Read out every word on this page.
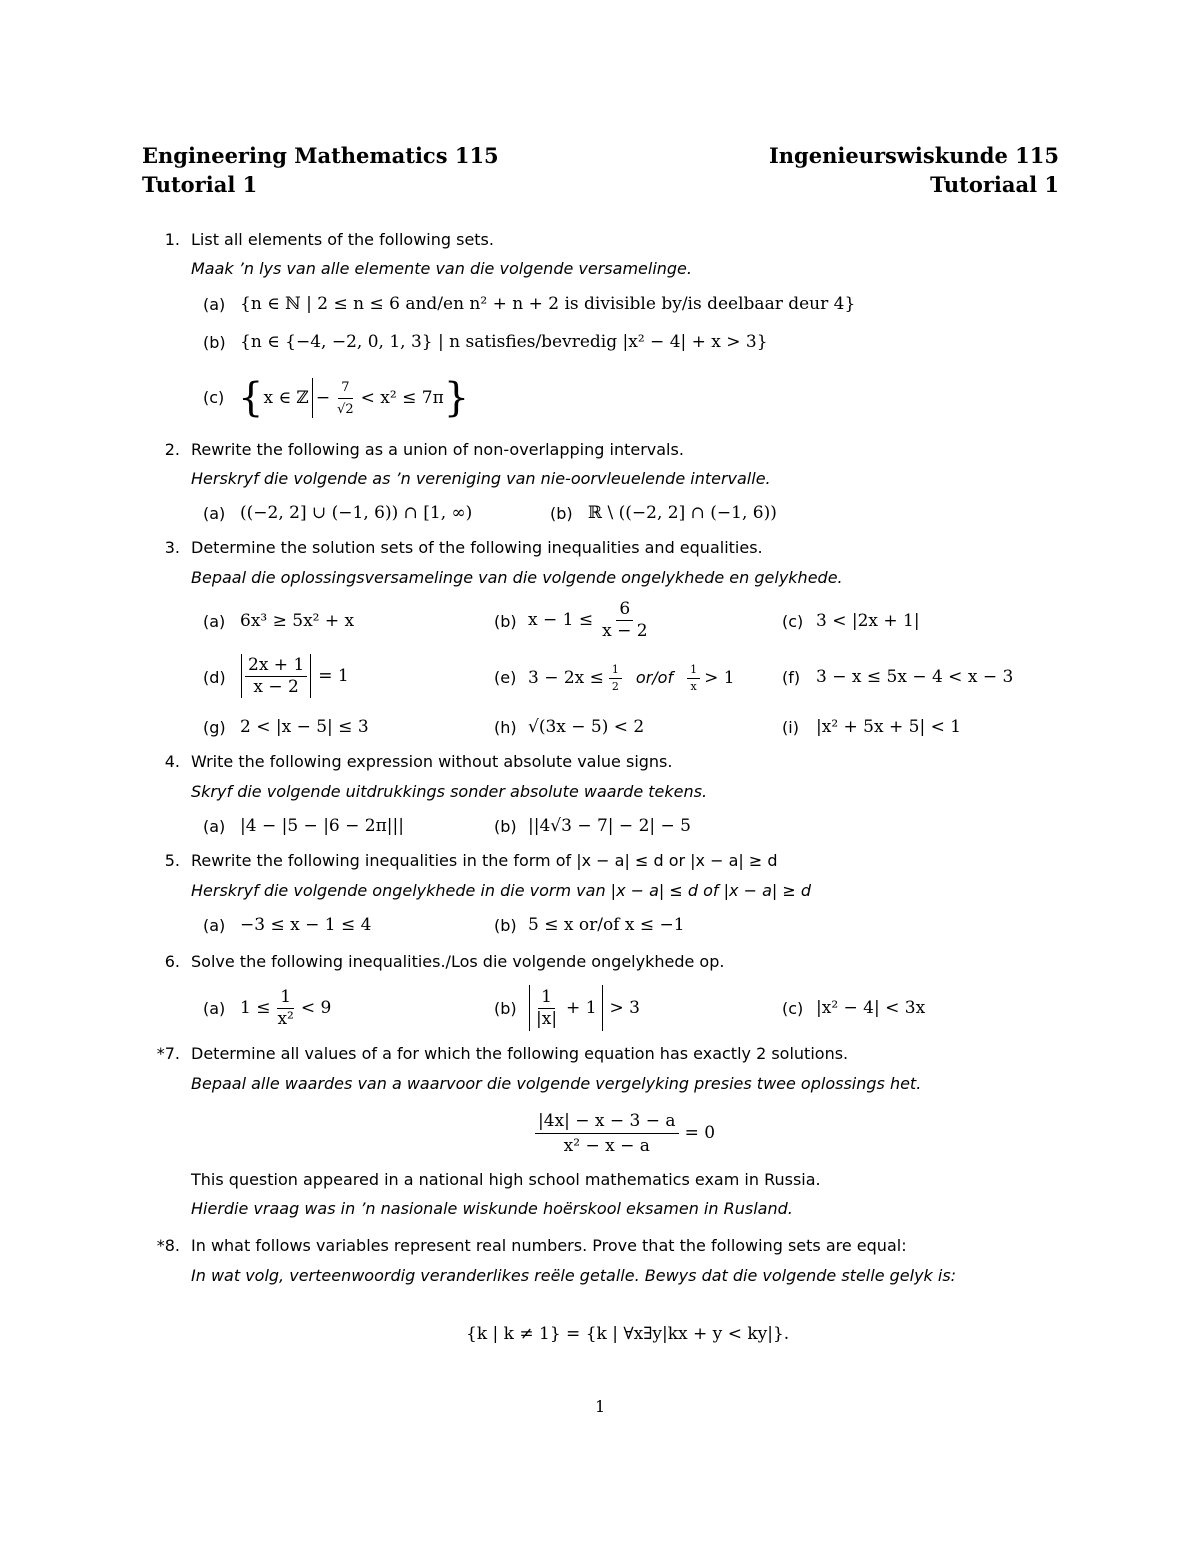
Engineering Mathematics 115	Ingenieurswiskunde 115
Tutorial 1	Tutoriaal 1
1. List all elements of the following sets.
Maak ’n lys van alle elemente van die volgende versamelinge.
(a) {n ∈ ℕ | 2 ≤ n ≤ 6 and/en n² + n + 2 is divisible by/is deelbaar deur 4}
(b) {n ∈ {−4, −2, 0, 1, 3} | n satisfies/bevredig |x² − 4| + x > 3}
(c) { x ∈ ℤ − $\frac{7}{√2} < x^2 \le 7\pi$ }
2. Rewrite the following as a union of non-overlapping intervals.
Herskryf die volgende as ’n vereniging van nie-oorvleuelende intervalle.
(a) ((−2, 2] ∪ (−1, 6)) ∩ [1, ∞)	(b) ℝ \ ((−2, 2] ∩ (−1, 6))
3. Determine the solution sets of the following inequalities and equalities.
Bepaal die oplossingsversamelinge van die volgende ongelykhede en gelykhede.
(a) 6x³ ≥ 5x² + x	(b) $x - 1 \le \frac{6}{x - 2}$	(c) 3 < |2x + 1|
$(d) \frac{2x + 1}{x - 2} = 1$	(e) $3 - 2x \le \frac{1}{2} or/of \frac{1}{x} > 1$	(f) 3 − x ≤ 5x − 4 < x − 3
(g) 2 < |x − 5| ≤ 3	(h) √(3x − 5) < 2	(i) |x² + 5x + 5| < 1
4. Write the following expression without absolute value signs.
Skryf die volgende uitdrukkings sonder absolute waarde tekens.
(a) |4 − |5 − |6 − 2π|||	(b) ||4√3 − 7| − 2| − 5
5. Rewrite the following inequalities in the form of |x − a| ≤ d or |x − a| ≥ d
Herskryf die volgende ongelykhede in die vorm van |x − a| ≤ d of |x − a| ≥ d
(a) −3 ≤ x − 1 ≤ 4	(b) 5 ≤ x or/of x ≤ −1
6. Solve the following inequalities./Los die volgende ongelykhede op.
(a) $1 \le \frac{1}{\text{x²}} < 9$	$(b) \frac{1}{|x|} + 1 > 3$	(c) |x² − 4| < 3x
*7. Determine all values of a for which the following equation has exactly 2 solutions.
Bepaal alle waardes van a waarvoor die volgende vergelyking presies twee oplossings het.
$\frac{|4x| - x - 3 - a}{\text{x² − x − a}} = 0$
This question appeared in a national high school mathematics exam in Russia.
Hierdie vraag was in ’n nasionale wiskunde hoërskool eksamen in Rusland.
*8. In what follows variables represent real numbers. Prove that the following sets are equal:
In wat volg, verteenwoordig veranderlikes reële getalle. Bewys dat die volgende stelle gelyk is:
{k | k ≠ 1} = {k | ∀x∃y|kx + y < ky|}.
1
